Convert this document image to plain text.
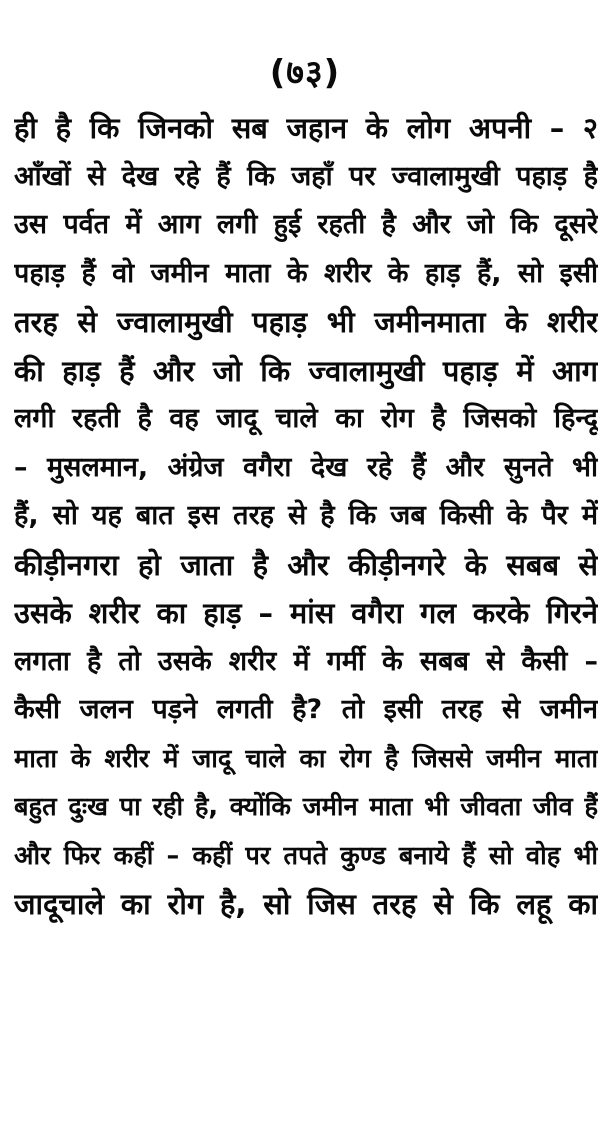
(७३)
ही है कि जिनको सब जहान के लोग अपनी – २
आँखों से देख रहे हैं कि जहाँ पर ज्वालामुखी पहाड़ है
उस पर्वत में आग लगी हुई रहती है और जो कि दूसरे
पहाड़ हैं वो जमीन माता के शरीर के हाड़ हैं, सो इसी
तरह से ज्वालामुखी पहाड़ भी जमीनमाता के शरीर
की हाड़ हैं और जो कि ज्वालामुखी पहाड़ में आग
लगी रहती है वह जादू चाले का रोग है जिसको हिन्दू
– मुसलमान, अंग्रेज वगैरा देख रहे हैं और सुनते भी
हैं, सो यह बात इस तरह से है कि जब किसी के पैर में
कीड़ीनगरा हो जाता है और कीड़ीनगरे के सबब से
उसके शरीर का हाड़ – मांस वगैरा गल करके गिरने
लगता है तो उसके शरीर में गर्मी के सबब से कैसी –
कैसी जलन पड़ने लगती है? तो इसी तरह से जमीन
माता के शरीर में जादू चाले का रोग है जिससे जमीन माता
बहुत दुःख पा रही है, क्योंकि जमीन माता भी जीवता जीव हैं
और फिर कहीं – कहीं पर तपते कुण्ड बनाये हैं सो वोह भी
जादूचाले का रोग है, सो जिस तरह से कि लहू का
